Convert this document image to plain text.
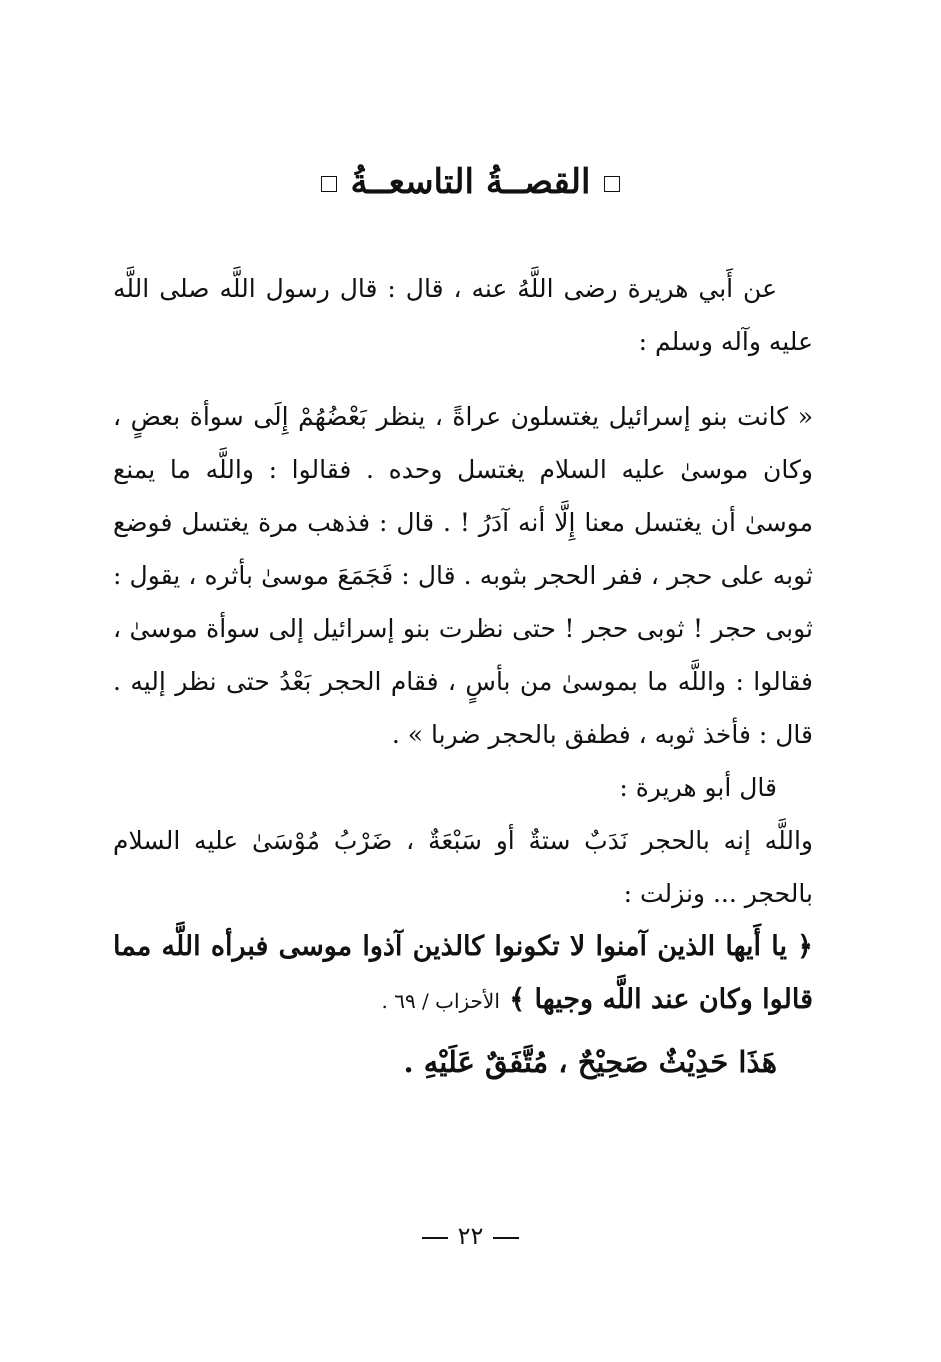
القصــةُ التاسعــةُ

عن أَبي هريرة رضى اللَّهُ عنه ، قال : قال رسول اللَّه صلى اللَّه عليه وآله وسلم :

« كانت بنو إسرائيل يغتسلون عراةً ، ينظر بَعْضُهُمْ إِلَى سوأة بعضٍ ، وكان موسىٰ عليه السلام يغتسل وحده . فقالوا : واللَّه ما يمنع موسىٰ أن يغتسل معنا إِلَّا أنه آدَرُ ! . قال : فذهب مرة يغتسل فوضع ثوبه على حجر ، ففر الحجر بثوبه . قال : فَجَمَعَ موسىٰ بأثره ، يقول : ثوبى حجر ! ثوبى حجر ! حتى نظرت بنو إسرائيل إلى سوأة موسىٰ ، فقالوا : واللَّه ما بموسىٰ من بأسٍ ، فقام الحجر بَعْدُ حتى نظر إليه . قال : فأخذ ثوبه ، فطفق بالحجر ضربا » .

قال أبو هريرة :

واللَّه إنه بالحجر نَدَبٌ ستةٌ أو سَبْعَةٌ ، ضَرْبُ مُوْسَىٰ عليه السلام بالحجر ... ونزلت :

﴿ يا أَيها الذين آمنوا لا تكونوا كالذين آذوا موسى فبرأه اللَّه مما قالوا وكان عند اللَّه وجيها ﴾ الأحزاب / ٦٩ .

هَذَا حَدِيْثٌ صَحِيْحٌ ، مُتَّفَقٌ عَلَيْهِ .

٢٢
